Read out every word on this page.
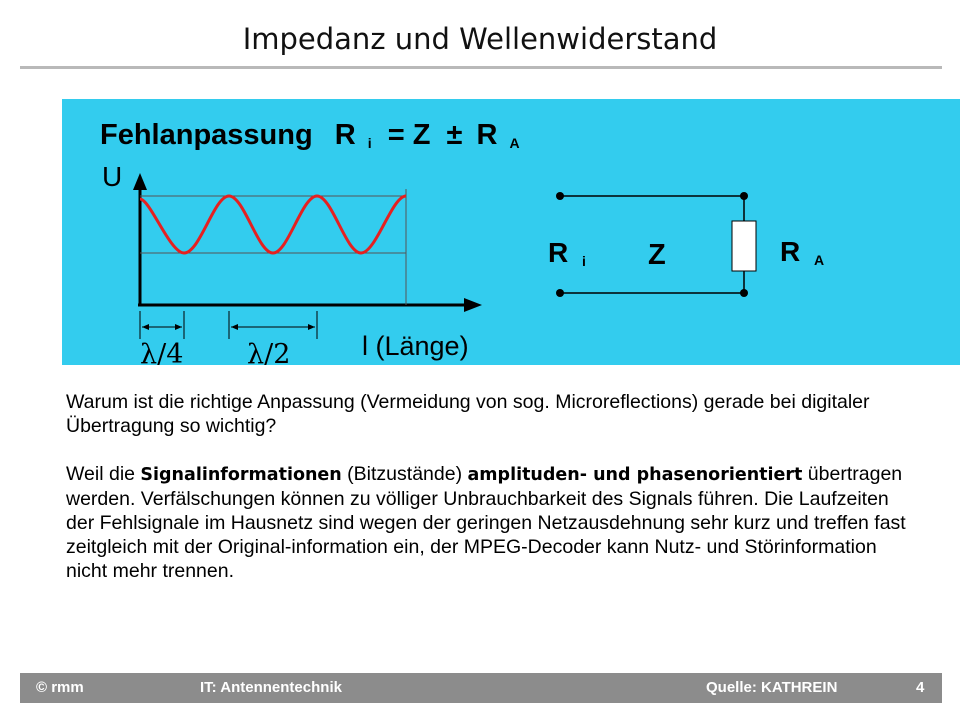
Impedanz und Wellenwiderstand
Fehlanpassung R i = Z ± R A
U
λ/4 λ/2	l (Länge)
R i Z	R A
Warum ist die richtige Anpassung (Vermeidung von sog. Microreflections) gerade bei digitaler Übertragung so wichtig?
Weil die Signalinformationen (Bitzustände) amplituden- und phasenorientiert übertragen werden. Verfälschungen können zu völliger Unbrauchbarkeit des Signals führen. Die Laufzeiten der Fehlsignale im Hausnetz sind wegen der geringen Netzausdehnung sehr kurz und treffen fast zeitgleich mit der Original-information ein, der MPEG-Decoder kann Nutz- und Störinformation nicht mehr trennen.
© rmm	IT: Antennentechnik	Quelle: KATHREIN	4
